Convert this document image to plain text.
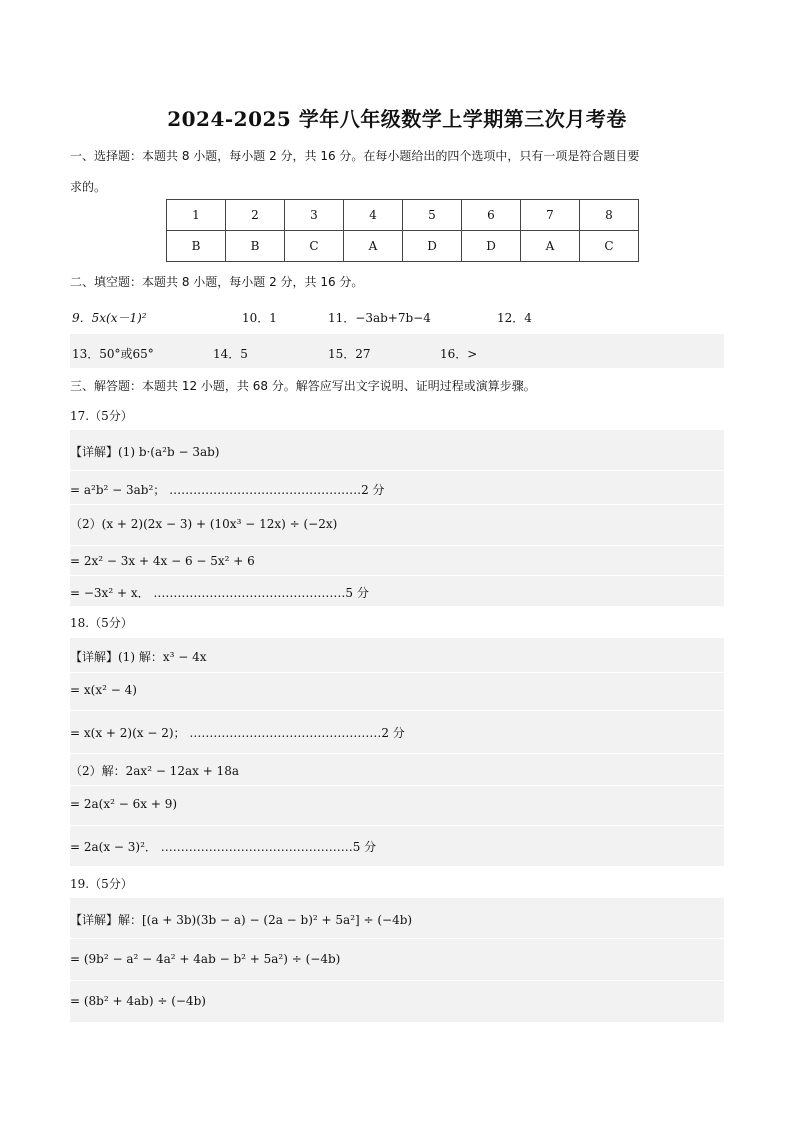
2024-2025 学年八年级数学上学期第三次月考卷
一、选择题：本题共 8 小题，每小题 2 分，共 16 分。在每小题给出的四个选项中，只有一项是符合题目要
求的。
1	2	3	4	5	6	7	8
B	B	C	A	D	D	A	C
二、填空题：本题共 8 小题，每小题 2 分，共 16 分。
9．5x(x－1)²	10．1	11．−3ab+7b−4	12．4
13．50°或65°	14．5	15．27	16．>
三、解答题：本题共 12 小题，共 68 分。解答应写出文字说明、证明过程或演算步骤。
17.（5分）
【详解】(1) b·(a²b − 3ab)
= a²b² − 3ab²； …………………………………………2 分
（2）(x + 2)(2x − 3) + (10x³ − 12x) ÷ (−2x)
= 2x² − 3x + 4x − 6 − 5x² + 6
= −3x² + x． …………………………………………5 分
18.（5分）
【详解】(1) 解：x³ − 4x
= x(x² − 4)
= x(x + 2)(x − 2)； …………………………………………2 分
（2）解：2ax² − 12ax + 18a
= 2a(x² − 6x + 9)
= 2a(x − 3)²． …………………………………………5 分
19.（5分）
【详解】解：[(a + 3b)(3b − a) − (2a − b)² + 5a²] ÷ (−4b)
= (9b² − a² − 4a² + 4ab − b² + 5a²) ÷ (−4b)
= (8b² + 4ab) ÷ (−4b)
